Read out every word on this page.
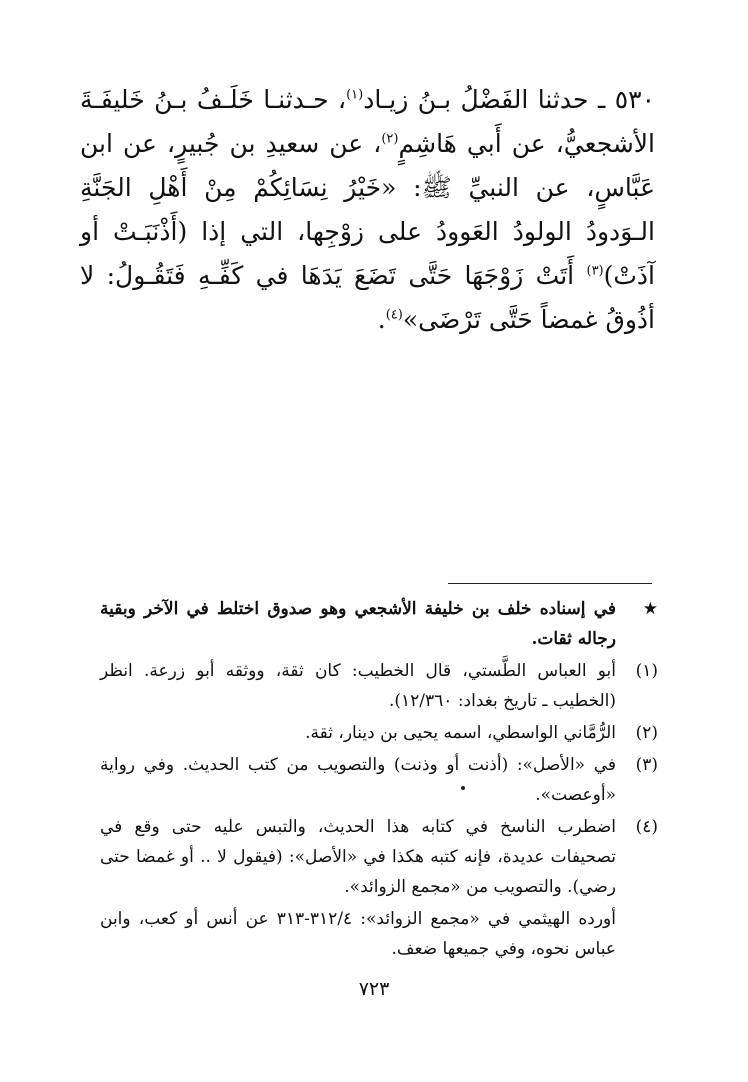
٥٣٠ ـ حدثنا الفَضْلُ بـنُ زيـاد$^{(١)}$، حـدثنـا خَلَـفُ بـنُ خَليفَـةَ الأشجعيُّ، عن أَبي هَاشِمٍ$^{(٢)}$، عن سعيدِ بن جُبيرٍ، عن ابن عَبَّاسٍ، عن النبيِّ ﷺ: «خَيْرُ نِسَائِكُمْ مِنْ أَهْلِ الجَنَّةِ الـوَدودُ الولودُ العَوودُ على زوْجِها، التي إذا (أَذْنَبَـتْ أو آذَتْ)$^{(٣)}$ أَتَتْ زَوْجَهَا حَتَّى تَضَعَ يَدَهَا في كَفِّـهِ فَتَقُـولُ: لا أذُوقُ غمضاً حَتَّى تَرْضَى»$^{(٤)}$.
★
في إسناده خلف بن خليفة الأشجعي وهو صدوق اختلط في الآخر وبقية رجاله ثقات.
(١)
أبو العباس الطَّستي، قال الخطيب: كان ثقة، ووثقه أبو زرعة. انظر (الخطيب ـ تاريخ بغداد: ١٢/٣٦٠).
(٢)
الرُّمَّاني الواسطي، اسمه يحيى بن دينار، ثقة.
(٣)
في «الأصل»: (أذنت أو وذنت) والتصويب من كتب الحديث. وفي رواية «أوعصت».
(٤)
اضطرب الناسخ في كتابه هذا الحديث، والتبس عليه حتى وقع في تصحيفات عديدة، فإنه كتبه هكذا في «الأصل»: (فيقول لا .. أو غمضا حتى رضي). والتصويب من «مجمع الزوائد».
أورده الهيثمي في «مجمع الزوائد»: ٣١٢/٤-٣١٣ عن أنس أو كعب، وابن عباس نحوه، وفي جميعها ضعف.
٧٢٣
